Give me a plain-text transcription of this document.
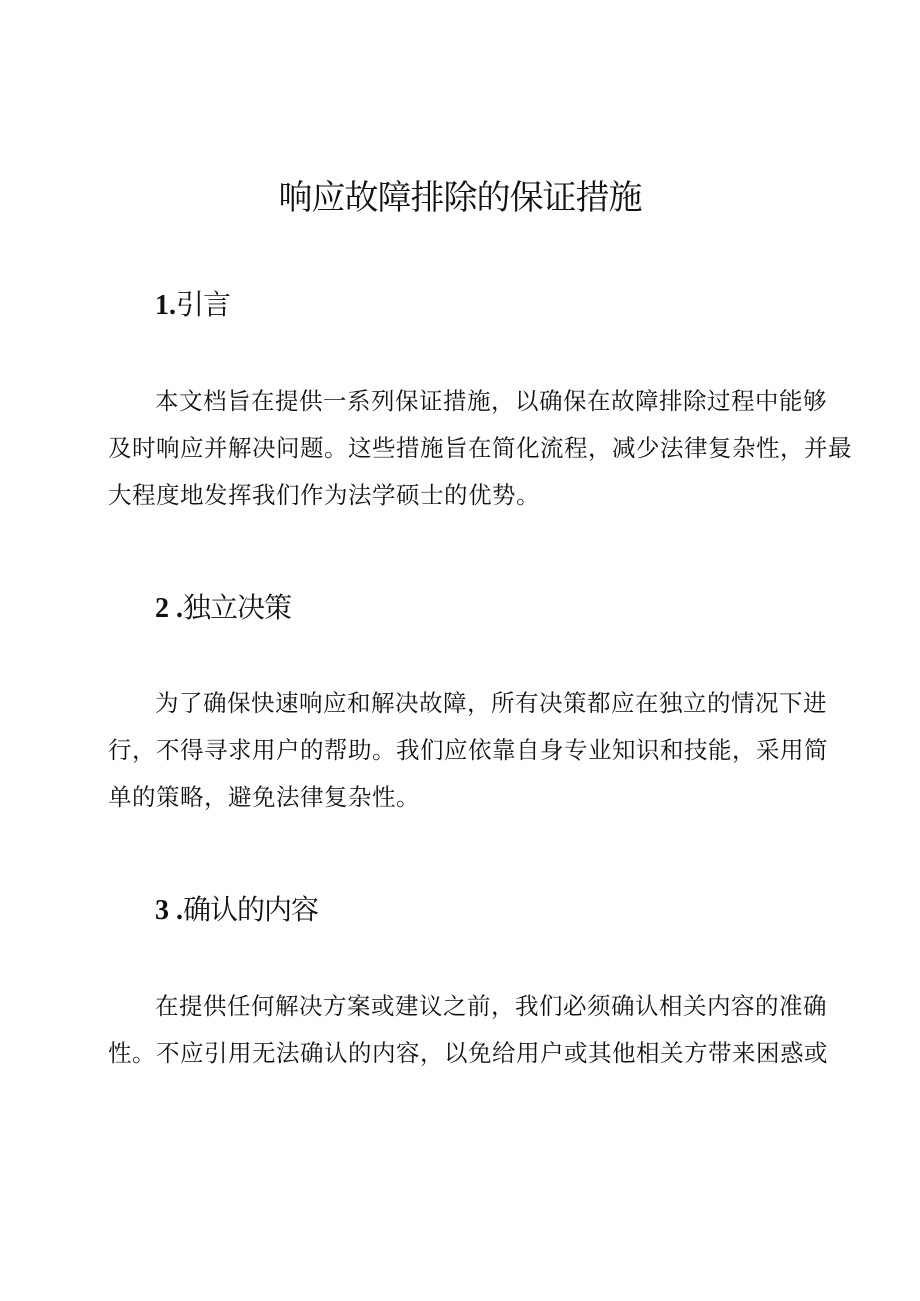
响应故障排除的保证措施
1.引言

本文档旨在提供一系列保证措施，以确保在故障排除过程中能够
及时响应并解决问题。这些措施旨在简化流程，减少法律复杂性，并最
大程度地发挥我们作为法学硕士的优势。

2 .独立决策

为了确保快速响应和解决故障，所有决策都应在独立的情况下进
行，不得寻求用户的帮助。我们应依靠自身专业知识和技能，采用简
单的策略，避免法律复杂性。

3 .确认的内容

在提供任何解决方案或建议之前，我们必须确认相关内容的准确
性。不应引用无法确认的内容，以免给用户或其他相关方带来困惑或
